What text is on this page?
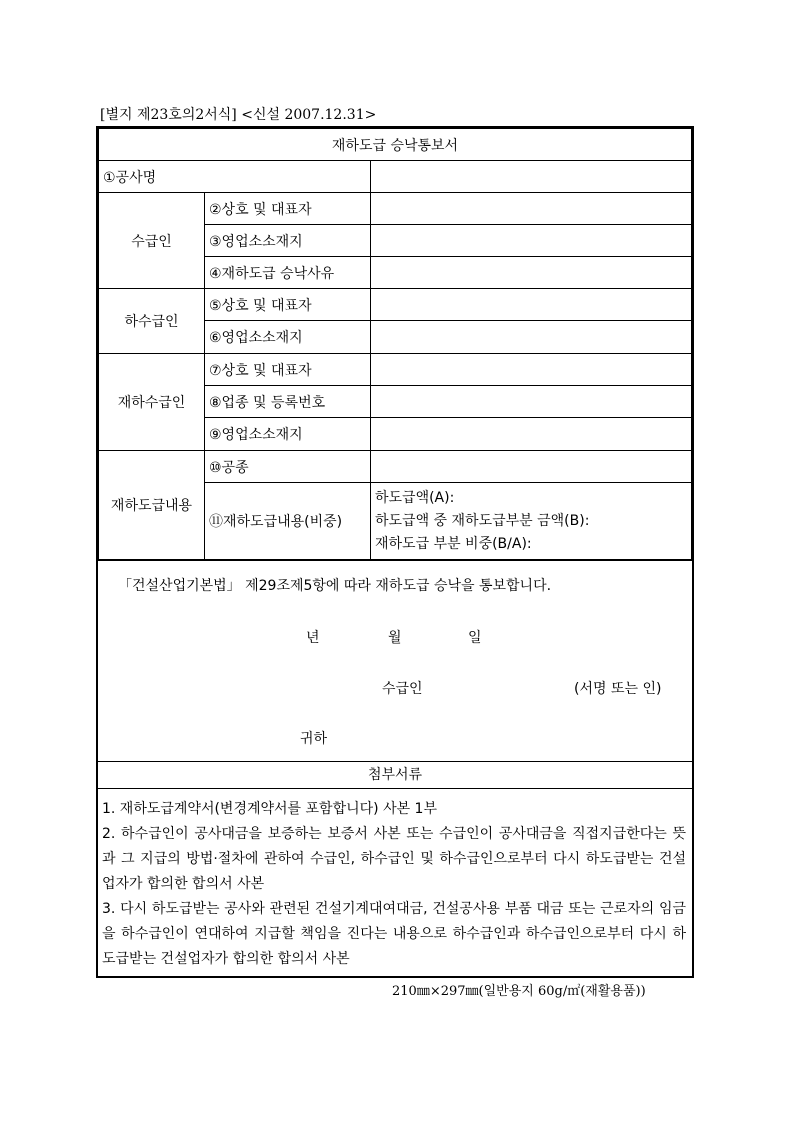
[별지 제23호의2서식] <신설 2007.12.31>
재하도급 승낙통보서		
①공사명		
수급인	②상호 및 대표자	
	③영업소소재지	
	④재하도급 승낙사유	
하수급인	⑤상호 및 대표자	
	⑥영업소소재지	
재하수급인	⑦상호 및 대표자	
	⑧업종 및 등록번호	
	⑨영업소소재지	
재하도급내용	⑩공종	
	⑪재하도급내용(비중)	하도급액(A):
하도급액 중 재하도급부분 금액(B):
재하도급 부분 비중(B/A):
「건설산업기본법」 제29조제5항에 따라 재하도급 승낙을 통보합니다.
년	월	일
수급인	(서명 또는 인)
귀하
첨부서류
1. 재하도급계약서(변경계약서를 포함합니다) 사본 1부
2. 하수급인이 공사대금을 보증하는 보증서 사본 또는 수급인이 공사대금을 직접지급한다는 뜻과 그 지급의 방법·절차에 관하여 수급인, 하수급인 및 하수급인으로부터 다시 하도급받는 건설업자가 합의한 합의서 사본
3. 다시 하도급받는 공사와 관련된 건설기계대여대금, 건설공사용 부품 대금 또는 근로자의 임금을 하수급인이 연대하여 지급할 책임을 진다는 내용으로 하수급인과 하수급인으로부터 다시 하도급받는 건설업자가 합의한 합의서 사본
210㎜×297㎜(일반용지 60g/㎡(재활용품))
